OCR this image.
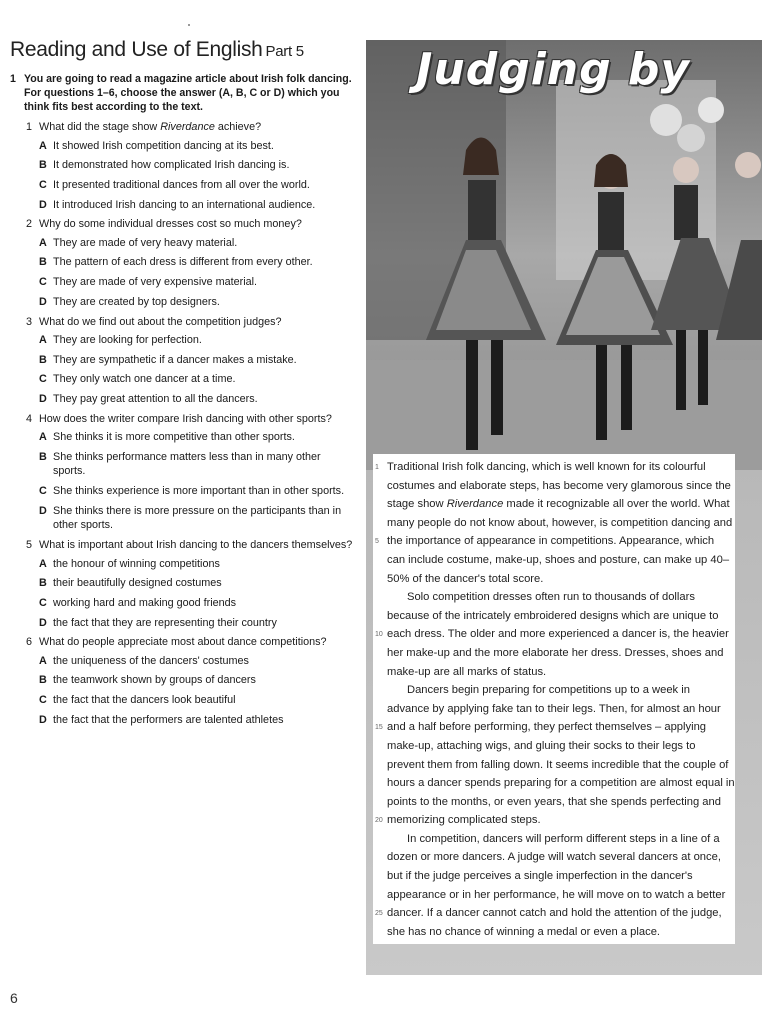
Reading and Use of English Part 5
1 You are going to read a magazine article about Irish folk dancing. For questions 1–6, choose the answer (A, B, C or D) which you think fits best according to the text.
1 What did the stage show Riverdance achieve?
A It showed Irish competition dancing at its best.
B It demonstrated how complicated Irish dancing is.
C It presented traditional dances from all over the world.
D It introduced Irish dancing to an international audience.
2 Why do some individual dresses cost so much money?
A They are made of very heavy material.
B The pattern of each dress is different from every other.
C They are made of very expensive material.
D They are created by top designers.
3 What do we find out about the competition judges?
A They are looking for perfection.
B They are sympathetic if a dancer makes a mistake.
C They only watch one dancer at a time.
D They pay great attention to all the dancers.
4 How does the writer compare Irish dancing with other sports?
A She thinks it is more competitive than other sports.
B She thinks performance matters less than in many other sports.
C She thinks experience is more important than in other sports.
D She thinks there is more pressure on the participants than in other sports.
5 What is important about Irish dancing to the dancers themselves?
A the honour of winning competitions
B their beautifully designed costumes
C working hard and making good friends
D the fact that they are representing their country
6 What do people appreciate most about dance competitions?
A the uniqueness of the dancers' costumes
B the teamwork shown by groups of dancers
C the fact that the dancers look beautiful
D the fact that the performers are talented athletes
Judging by
1
5
10
15
20
25
Traditional Irish folk dancing, which is well known for its colourful costumes and elaborate steps, has become very glamorous since the stage show Riverdance made it recognizable all over the world. What many people do not know about, however, is competition dancing and the importance of appearance in competitions. Appearance, which can include costume, make-up, shoes and posture, can make up 40–50% of the dancer's total score.
Solo competition dresses often run to thousands of dollars because of the intricately embroidered designs which are unique to each dress. The older and more experienced a dancer is, the heavier her make-up and the more elaborate her dress. Dresses, shoes and make-up are all marks of status.
Dancers begin preparing for competitions up to a week in advance by applying fake tan to their legs. Then, for almost an hour and a half before performing, they perfect themselves – applying make-up, attaching wigs, and gluing their socks to their legs to prevent them from falling down. It seems incredible that the couple of hours a dancer spends preparing for a competition are almost equal in points to the months, or even years, that she spends perfecting and memorizing complicated steps.
In competition, dancers will perform different steps in a line of a dozen or more dancers. A judge will watch several dancers at once, but if the judge perceives a single imperfection in the dancer's appearance or in her performance, he will move on to watch a better dancer. If a dancer cannot catch and hold the attention of the judge, she has no chance of winning a medal or even a place.
6
